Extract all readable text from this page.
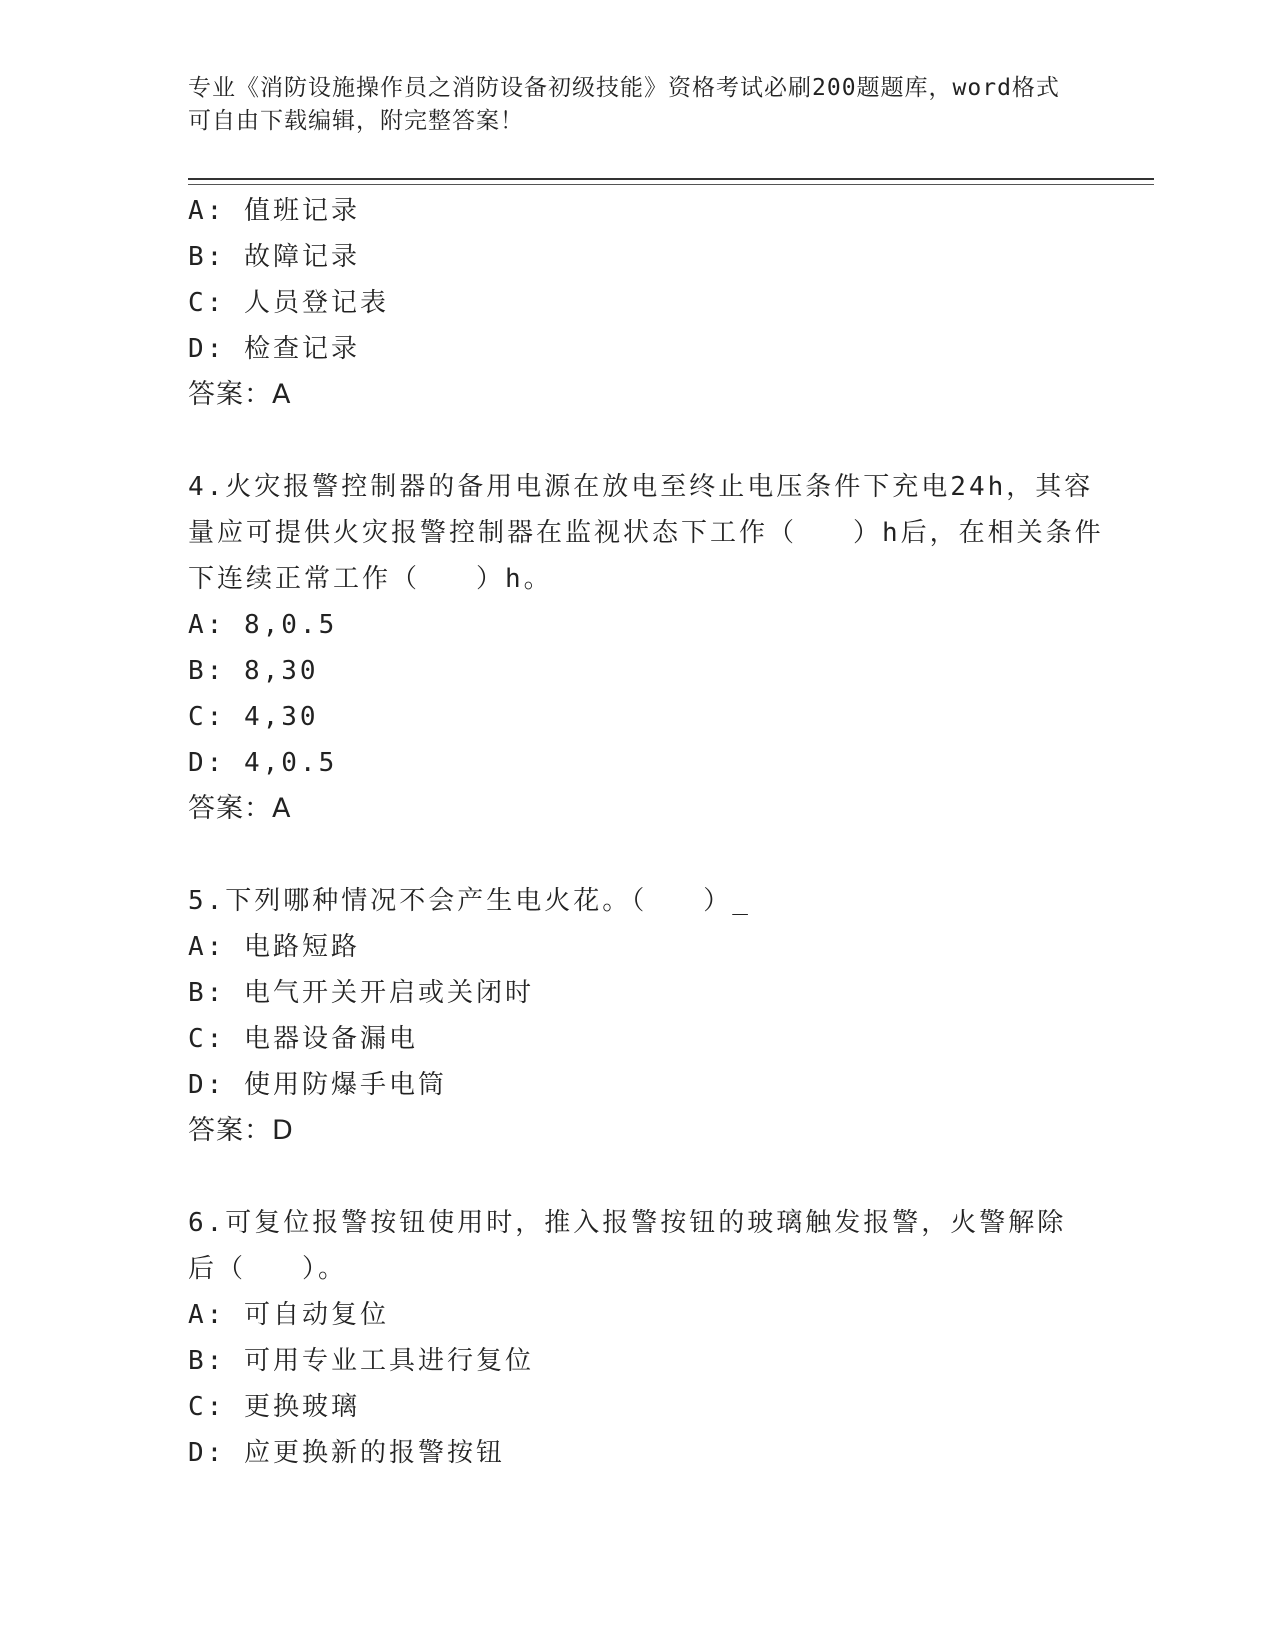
专业《消防设施操作员之消防设备初级技能》资格考试必刷200题题库，word格式可自由下载编辑，附完整答案！
A: 值班记录
B: 故障记录
C: 人员登记表
D: 检查记录
答案：A
4.火灾报警控制器的备用电源在放电至终止电压条件下充电24h，其容
量应可提供火灾报警控制器在监视状态下工作（   ）h后，在相关条件
下连续正常工作（   ）h。
A: 8,0.5
B: 8,30
C: 4,30
D: 4,0.5
答案：A
5.下列哪种情况不会产生电火花。（   ）_
A: 电路短路
B: 电气开关开启或关闭时
C: 电器设备漏电
D: 使用防爆手电筒
答案：D
6.可复位报警按钮使用时，推入报警按钮的玻璃触发报警，火警解除
后（   ）。
A: 可自动复位
B: 可用专业工具进行复位
C: 更换玻璃
D: 应更换新的报警按钮
